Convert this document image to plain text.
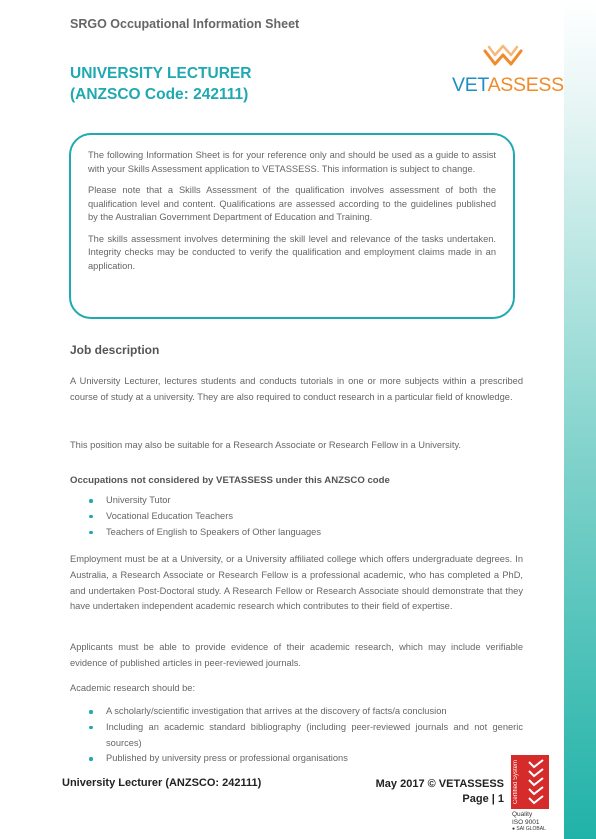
SRGO Occupational Information Sheet
UNIVERSITY LECTURER
(ANZSCO Code: 242111)	VETASSESS

The following Information Sheet is for your reference only and should be used as a guide to assist with your Skills Assessment application to VETASSESS. This information is subject to change.

Please note that a Skills Assessment of the qualification involves assessment of both the qualification level and content. Qualifications are assessed according to the guidelines published by the Australian Government Department of Education and Training.

The skills assessment involves determining the skill level and relevance of the tasks undertaken. Integrity checks may be conducted to verify the qualification and employment claims made in an application.

Job description
A University Lecturer, lectures students and conducts tutorials in one or more subjects within a prescribed course of study at a university. They are also required to conduct research in a particular field of knowledge.
This position may also be suitable for a Research Associate or Research Fellow in a University.
Occupations not considered by VETASSESS under this ANZSCO code
University Tutor
Vocational Education Teachers
Teachers of English to Speakers of Other languages
Employment must be at a University, or a University affiliated college which offers undergraduate degrees. In Australia, a Research Associate or Research Fellow is a professional academic, who has completed a PhD, and undertaken Post-Doctoral study. A Research Fellow or Research Associate should demonstrate that they have undertaken independent academic research which contributes to their field of expertise.
Applicants must be able to provide evidence of their academic research, which may include verifiable evidence of published articles in peer-reviewed journals.
Academic research should be:
A scholarly/scientific investigation that arrives at the discovery of facts/a conclusion
Including an academic standard bibliography (including peer-reviewed journals and not generic sources)
Published by university press or professional organisations
University Lecturer (ANZSCO: 242111)	May 2017 © VETASSESS
Page | 1 Certified System
Quality
ISO 9001
● SAI GLOBAL
